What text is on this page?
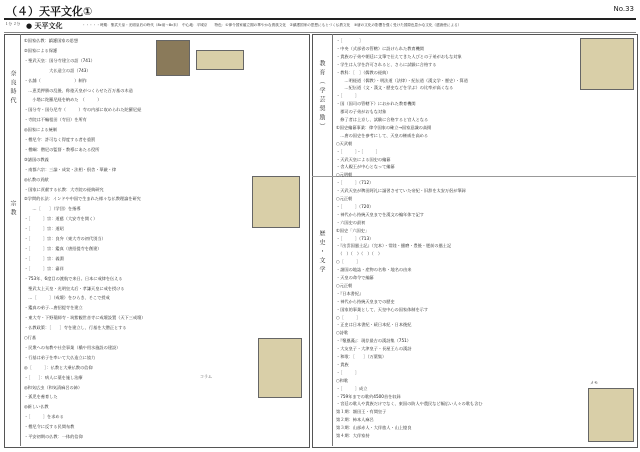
（４）天平文化①	No.33
１分 ２分 ● 天平文化	・・・・・時期：聖武天皇・光明皇后の時代（8c前〜8c末）　中心地：平城京　　特色：①律令国家確立期の華やかな貴族文化　②鎮護国家の思想にもとづく仏教文化　③唐の文化の影響を強く受けた国際色豊かな文化（遣唐使による）
奈良時代
宗教
①国家仏教：鎮護国家の思想
②国家による保護
・聖武天皇：国分寺建立の詔（741）
　　　　　　大仏造立の詔（743）
・仏舗（　　　　　　　　）制作
　…恵美押勝の乱後、称徳天皇がつくらせた百万基の木造
　　小塔に陀羅尼経を納めた　（　　　）
・国分寺・国分尼寺（　　　）寺の内部に収められた陀羅尼経
・寺院は不輸租田（寺田）を所有
◎国家による統制
・僧尼令：許可なく得度する者を重罰
・僧綱：僧尼の監督・教導にあたる役所
③諸国の教義
・南都六宗：三論・成実・法相・倶舎・華厳・律
◎仏教の貢献
・国家に貢献する仏教：大寺院の経典研究
②学問的仏法：インドや中国で生まれた様々な仏教理論を研究
　　…［　　］（学団）を指導
・［　　　］宗：道慈（大安寺を開く）
・［　　　］宗：道昭
・［　　　］宗：良弁（東大寺の初代別当）
・［　　　］宗：鑑真（唐招提寺を創建）
・［　　　］宗：義淵
・［　　　］宗：審祥
・753年、6度目の渡航で来日。日本に戒律を伝える
　聖武太上天皇・光明皇太后・孝謙天皇に戒を授ける
　…［　　　］（戒壇）をひらき、そこで授戒
・鑑真の弟子…唐招提寺を建立
・東大寺・下野薬師寺・筑紫観世音寺に戒壇設置（天下三戒壇）
・仏教政策：［　　］寺を建立し、行基を大僧正とする
○行基
・民衆への布教や社会事業（橋や用水施設の建設）
・行基は弟子を率いて大仏造立に協力
◎［　　　］：仏教と大乗仏教の信仰
・［　　］：病人に薬を施し治療
◎和気広虫（和気清麻呂の姉）
・孤児を養育した
◎新しい仏教
・［　　　］を求める
・僧尼令に反する民間布教
・平安初期の仏教：一体的信仰
コラム
教育（学芸奨励）
歴史・文学
・［　　　　］
・中央（式部省の管轄）に設けられた教育機関
・貴族の子弟や朝廷に文筆で仕えてきた人びとの子弟がおもな対象
・学生は入学を許可されると、さらに試験に合格する
・教科：［　］（儒教の経典）
　　…明経道（儒教）・明法道（法律）・紀伝道（漢文学・歴史）・算道
　　…紀伝道（文・漢文・歴史などを学ぶ）の比率が高くなる
・［　　　］
・国（国司の管轄下）におかれた教育機関
　郡司の子弟がおもな対象
　修了者は上京し、試験に合格すると官人となる
①国史編纂事業：律令国家の確立→国家意識の高揚
　…唐の国史を参考にして、天皇の権威を高める
○天武朝
・［　　　］・［　　　］
・天武天皇による国史の編纂
・舎人親王が中心となって編纂
○元明朝
・［　　　］（712）
・天武天皇が稗田阿礼に誦習させていた帝紀・旧辞を太安万侶が筆録
○元正朝
・［　　　］（720）
・神代から持統天皇までを漢文の編年体で記す
・六国史の最初
①国史「六国史」
・［　　　］（713）
・『出雲国風土記』（完本）・常陸・播磨・豊後・肥前の風土記
　（　）（　）（　）（　）
○［　　　］
・諸国の地誌・産物の名称・地名の由来
・天皇の命令で編纂
○元正朝
・『日本書紀』
・神代から持統天皇までの歴史
・国家的事業として、天皇中心の国家体制を示す
○［　　　］
・正史は日本書紀・続日本紀・日本後紀
○詩歌
・『懐風藻』：現存最古の漢詩集（751）
・大友皇子・大津皇子・長屋王らの漢詩
・和歌：［　　］（万葉集）
・貴族
・［　　　］
○和歌
・［　　　］成立
・759年までの歌約4500首を収録
・宮廷の歌人や貴族だけでなく、東国の防人や農民など幅広い人々の歌も含む
第１期：額田王・有間皇子
第２期：柿本人麻呂
第３期：山部赤人・大伴旅人・山上憶良
第４期：大伴家持
メモ
